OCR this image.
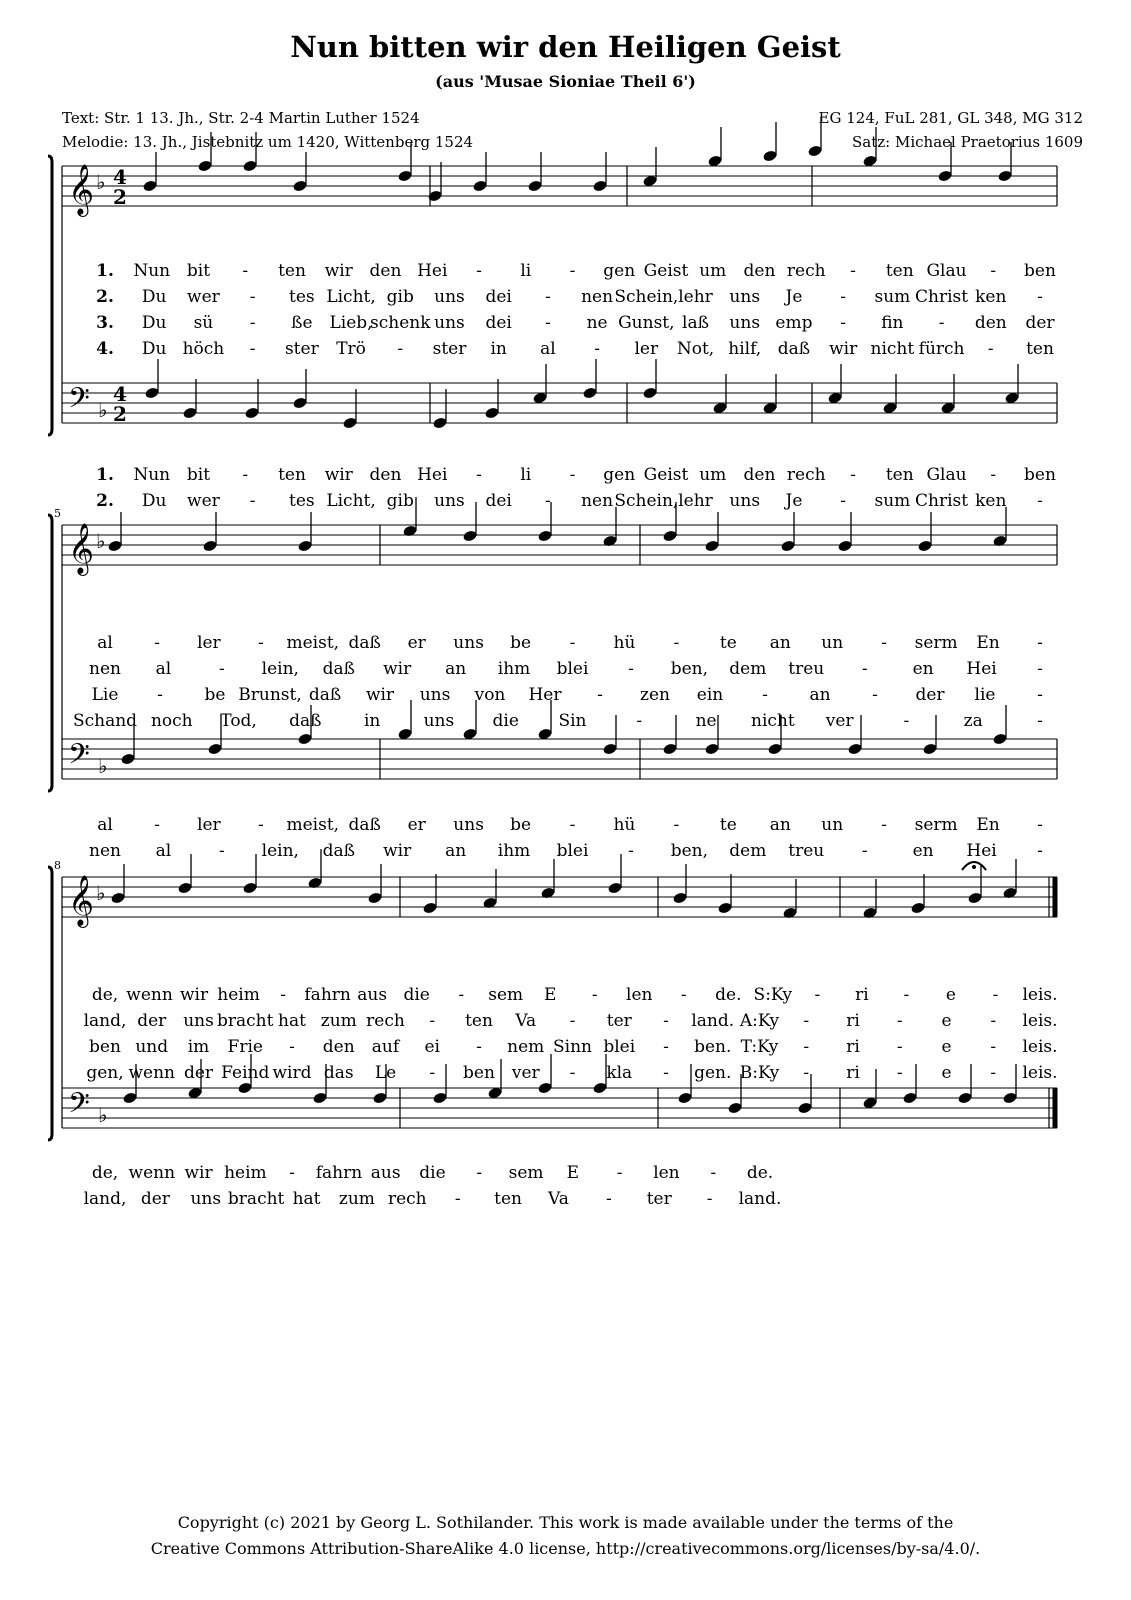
Nun bitten wir den Heiligen Geist
(aus 'Musae Sioniae Theil 6')
Text: Str. 1 13. Jh., Str. 2-4 Martin Luther 1524
Melodie: 13. Jh., Jistebnitz um 1420, Wittenberg 1524
EG 124, FuL 281, GL 348, MG 312
Satz: Michael Praetorius 1609
𝄞
𝄢
♭
♭
4
2
4
2
1. Nun bit - ten wir den Hei - li - gen Geist um den rech - ten Glau - ben
2. Du wer - tes Licht, gib uns dei - nen Schein, lehr uns Je - sum Christ ken -
3. Du sü - ße Lieb,
schenk uns dei - ne Gunst, laß uns emp - fin - den der
4. Du höch - ster Trö - ster in al - ler Not, hilf, daß wir nicht fürch - ten
1. Nun bit - ten wir den Hei - li - gen Geist um den rech - ten Glau - ben
2. Du wer - tes Licht, gib uns dei - nen Schein, lehr uns Je - sum Christ ken -
𝄞
𝄢
♭
♭
5
al - ler - meist, daß er uns be - hü - te an un - serm En -
nen al	- lein, daß wir an ihm blei - ben, dem treu -	en Hei -
Lie - be Brunst, daß wir uns von Her - zen ein - an - der lie -
Schand noch Tod, daß in	uns die Sin	-	ne nicht ver	-	za	-
al - ler - meist, daß er uns be - hü - te an un - serm En -
nen al	- lein, daß wir an ihm blei - ben, dem treu -	en Hei -
𝄞
𝄢
♭
♭
8
de, wenn wir heim - fahrn aus die - sem E - len - de. S:Ky - ri - e - leis.
land, der uns bracht hat zum rech - ten Va - ter - land. A:Ky - ri - e - leis.
ben und im Frie - den auf ei - nem Sinn blei - ben. T:Ky - ri - e - leis.
gen, wenn der Feind wird das Le - ben ver - kla - gen. B:Ky - ri - e - leis.
de, wenn wir heim - fahrn aus die - sem E - len - de.
land, der uns bracht hat zum rech - ten Va - ter - land.
Copyright (c) 2021 by Georg L. Sothilander. This work is made available under the terms of the
Creative Commons Attribution-ShareAlike 4.0 license, http://creativecommons.org/licenses/by-sa/4.0/.
